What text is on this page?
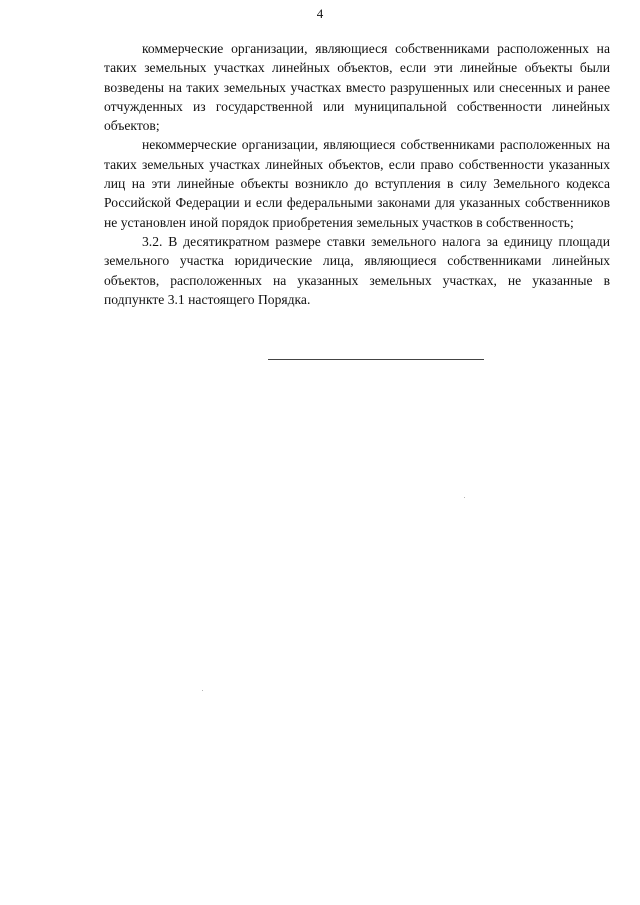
4

коммерческие организации, являющиеся собственниками расположенных на таких земельных участках линейных объектов, если эти линейные объекты были возведены на таких земельных участках вместо разрушенных или снесенных и ранее отчужденных из государственной или муниципальной собственности линейных объектов;

некоммерческие организации, являющиеся собственниками расположенных на таких земельных участках линейных объектов, если право собственности указанных лиц на эти линейные объекты возникло до вступления в силу Земельного кодекса Российской Федерации и если федеральными законами для указанных собственников не установлен иной порядок приобретения земельных участков в собственность;

3.2. В десятикратном размере ставки земельного налога за единицу площади земельного участка юридические лица, являющиеся собственниками линейных объектов, расположенных на указанных земельных участках, не указанные в подпункте 3.1 настоящего Порядка.
